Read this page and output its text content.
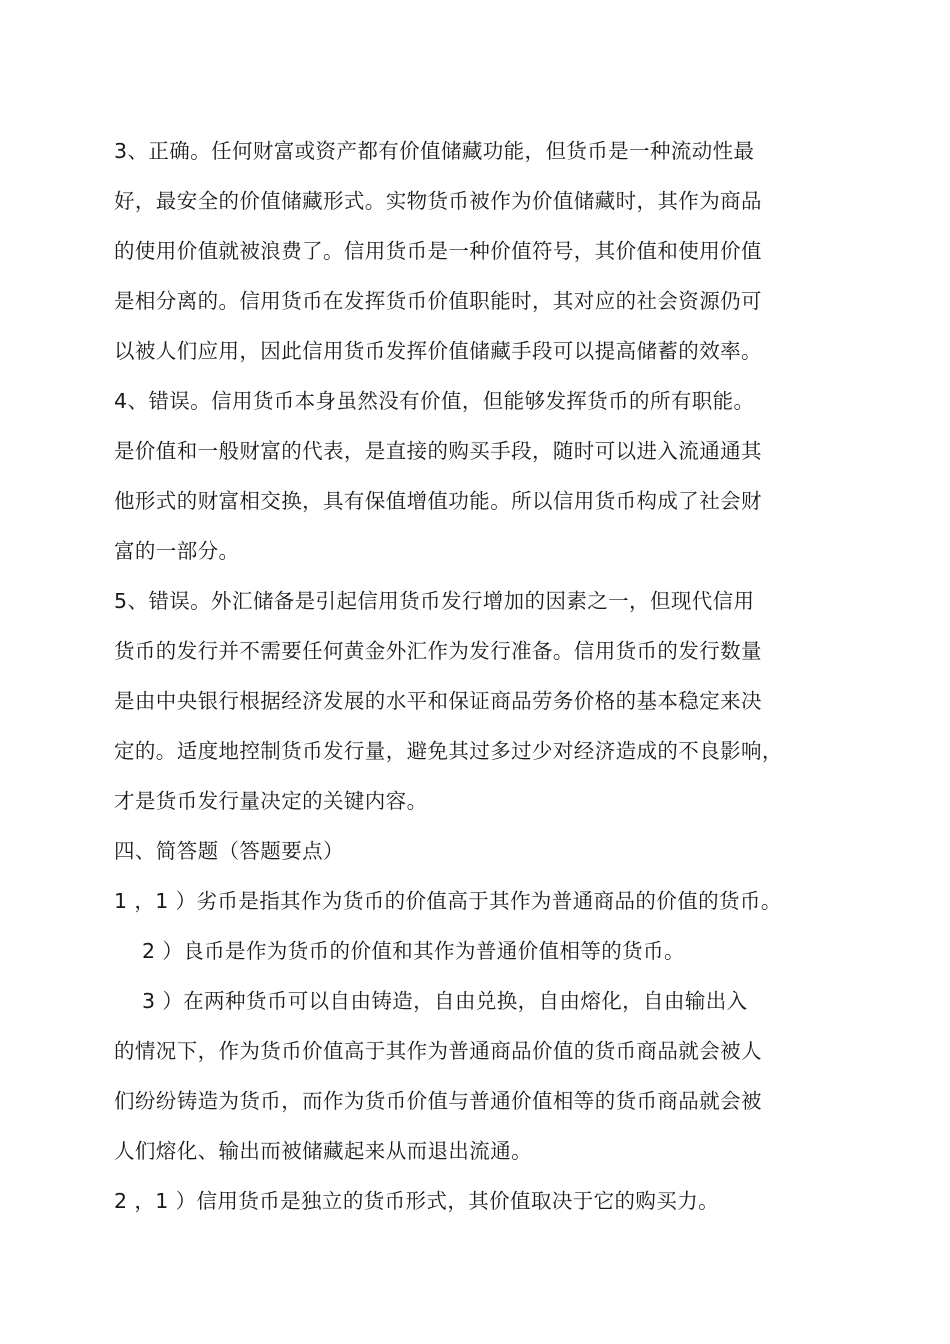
3、正确。任何财富或资产都有价值储藏功能，但货币是一种流动性最
好，最安全的价值储藏形式。实物货币被作为价值储藏时，其作为商品
的使用价值就被浪费了。信用货币是一种价值符号，其价值和使用价值
是相分离的。信用货币在发挥货币价值职能时，其对应的社会资源仍可
以被人们应用，因此信用货币发挥价值储藏手段可以提高储蓄的效率。
4、错误。信用货币本身虽然没有价值，但能够发挥货币的所有职能。
是价值和一般财富的代表，是直接的购买手段，随时可以进入流通通其
他形式的财富相交换，具有保值增值功能。所以信用货币构成了社会财
富的一部分。
5、错误。外汇储备是引起信用货币发行增加的因素之一，但现代信用
货币的发行并不需要任何黄金外汇作为发行准备。信用货币的发行数量
是由中央银行根据经济发展的水平和保证商品劳务价格的基本稳定来决
定的。适度地控制货币发行量，避免其过多过少对经济造成的不良影响，
才是货币发行量决定的关键内容。
四、简答题（答题要点）
1 ，1 ）劣币是指其作为货币的价值高于其作为普通商品的价值的货币。
2 ）良币是作为货币的价值和其作为普通价值相等的货币。
3 ）在两种货币可以自由铸造，自由兑换，自由熔化，自由输出入
的情况下，作为货币价值高于其作为普通商品价值的货币商品就会被人
们纷纷铸造为货币，而作为货币价值与普通价值相等的货币商品就会被
人们熔化、输出而被储藏起来从而退出流通。
2 ，1 ）信用货币是独立的货币形式，其价值取决于它的购买力。
